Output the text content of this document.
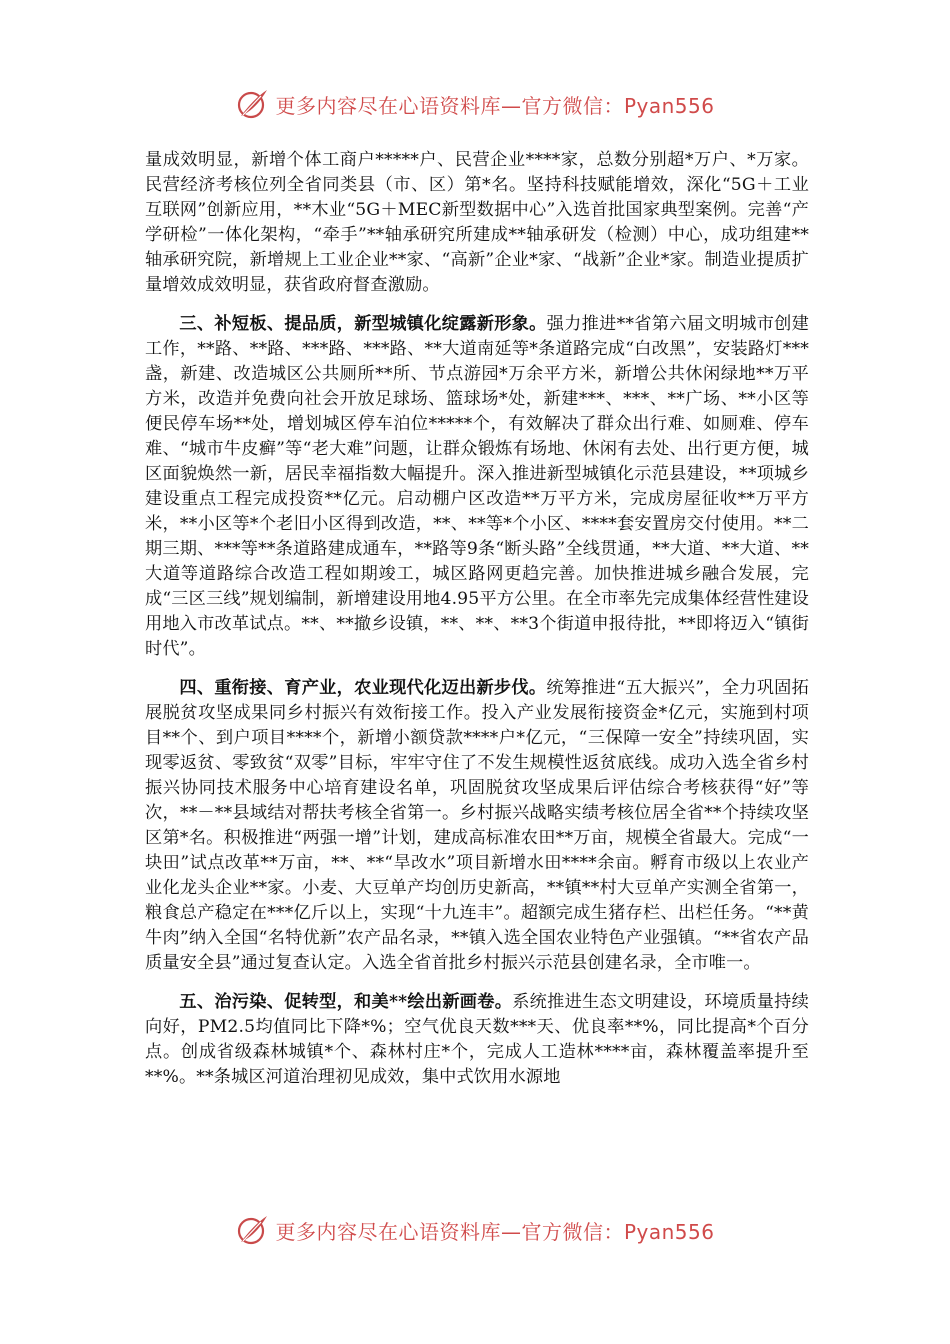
更多内容尽在心语资料库—官方微信：Pyan556

量成效明显，新增个体工商户*****户、民营企业****家，总数分别超*万户、*万家。民营经济考核位列全省同类县（市、区）第*名。坚持科技赋能增效，深化“5G＋工业互联网”创新应用，**木业“5G＋MEC新型数据中心”入选首批国家典型案例。完善“产学研检”一体化架构，“牵手”**轴承研究所建成**轴承研发（检测）中心，成功组建**轴承研究院，新增规上工业企业**家、“高新”企业*家、“战新”企业*家。制造业提质扩量增效成效明显，获省政府督查激励。

三、补短板、提品质，新型城镇化绽露新形象。强力推进**省第六届文明城市创建工作，**路、**路、***路、***路、**大道南延等*条道路完成“白改黑”，安装路灯***盏，新建、改造城区公共厕所**所、节点游园*万余平方米，新增公共休闲绿地**万平方米，改造并免费向社会开放足球场、篮球场*处，新建***、***、**广场、**小区等便民停车场**处，增划城区停车泊位*****个，有效解决了群众出行难、如厕难、停车难、“城市牛皮癣”等“老大难”问题，让群众锻炼有场地、休闲有去处、出行更方便，城区面貌焕然一新，居民幸福指数大幅提升。深入推进新型城镇化示范县建设，**项城乡建设重点工程完成投资**亿元。启动棚户区改造**万平方米，完成房屋征收**万平方米，**小区等*个老旧小区得到改造，**、**等*个小区、****套安置房交付使用。**二期三期、***等**条道路建成通车，**路等9条“断头路”全线贯通，**大道、**大道、**大道等道路综合改造工程如期竣工，城区路网更趋完善。加快推进城乡融合发展，完成“三区三线”规划编制，新增建设用地4.95平方公里。在全市率先完成集体经营性建设用地入市改革试点。**、**撤乡设镇，**、**、**3个街道申报待批，**即将迈入“镇街时代”。

四、重衔接、育产业，农业现代化迈出新步伐。统筹推进“五大振兴”，全力巩固拓展脱贫攻坚成果同乡村振兴有效衔接工作。投入产业发展衔接资金*亿元，实施到村项目**个、到户项目****个，新增小额贷款****户*亿元，“三保障一安全”持续巩固，实现零返贫、零致贫“双零”目标，牢牢守住了不发生规模性返贫底线。成功入选全省乡村振兴协同技术服务中心培育建设名单，巩固脱贫攻坚成果后评估综合考核获得“好”等次，**－**县域结对帮扶考核全省第一。乡村振兴战略实绩考核位居全省**个持续攻坚区第*名。积极推进“两强一增”计划，建成高标准农田**万亩，规模全省最大。完成“一块田”试点改革**万亩，**、**“旱改水”项目新增水田****余亩。孵育市级以上农业产业化龙头企业**家。小麦、大豆单产均创历史新高，**镇**村大豆单产实测全省第一，粮食总产稳定在***亿斤以上，实现“十九连丰”。超额完成生猪存栏、出栏任务。“**黄牛肉”纳入全国“名特优新”农产品名录，**镇入选全国农业特色产业强镇。“**省农产品质量安全县”通过复查认定。入选全省首批乡村振兴示范县创建名录，全市唯一。

五、治污染、促转型，和美**绘出新画卷。系统推进生态文明建设，环境质量持续向好，PM2.5均值同比下降*%；空气优良天数***天、优良率**%，同比提高*个百分点。创成省级森林城镇*个、森林村庄*个，完成人工造林****亩，森林覆盖率提升至**%。**条城区河道治理初见成效，集中式饮用水源地

更多内容尽在心语资料库—官方微信：Pyan556
